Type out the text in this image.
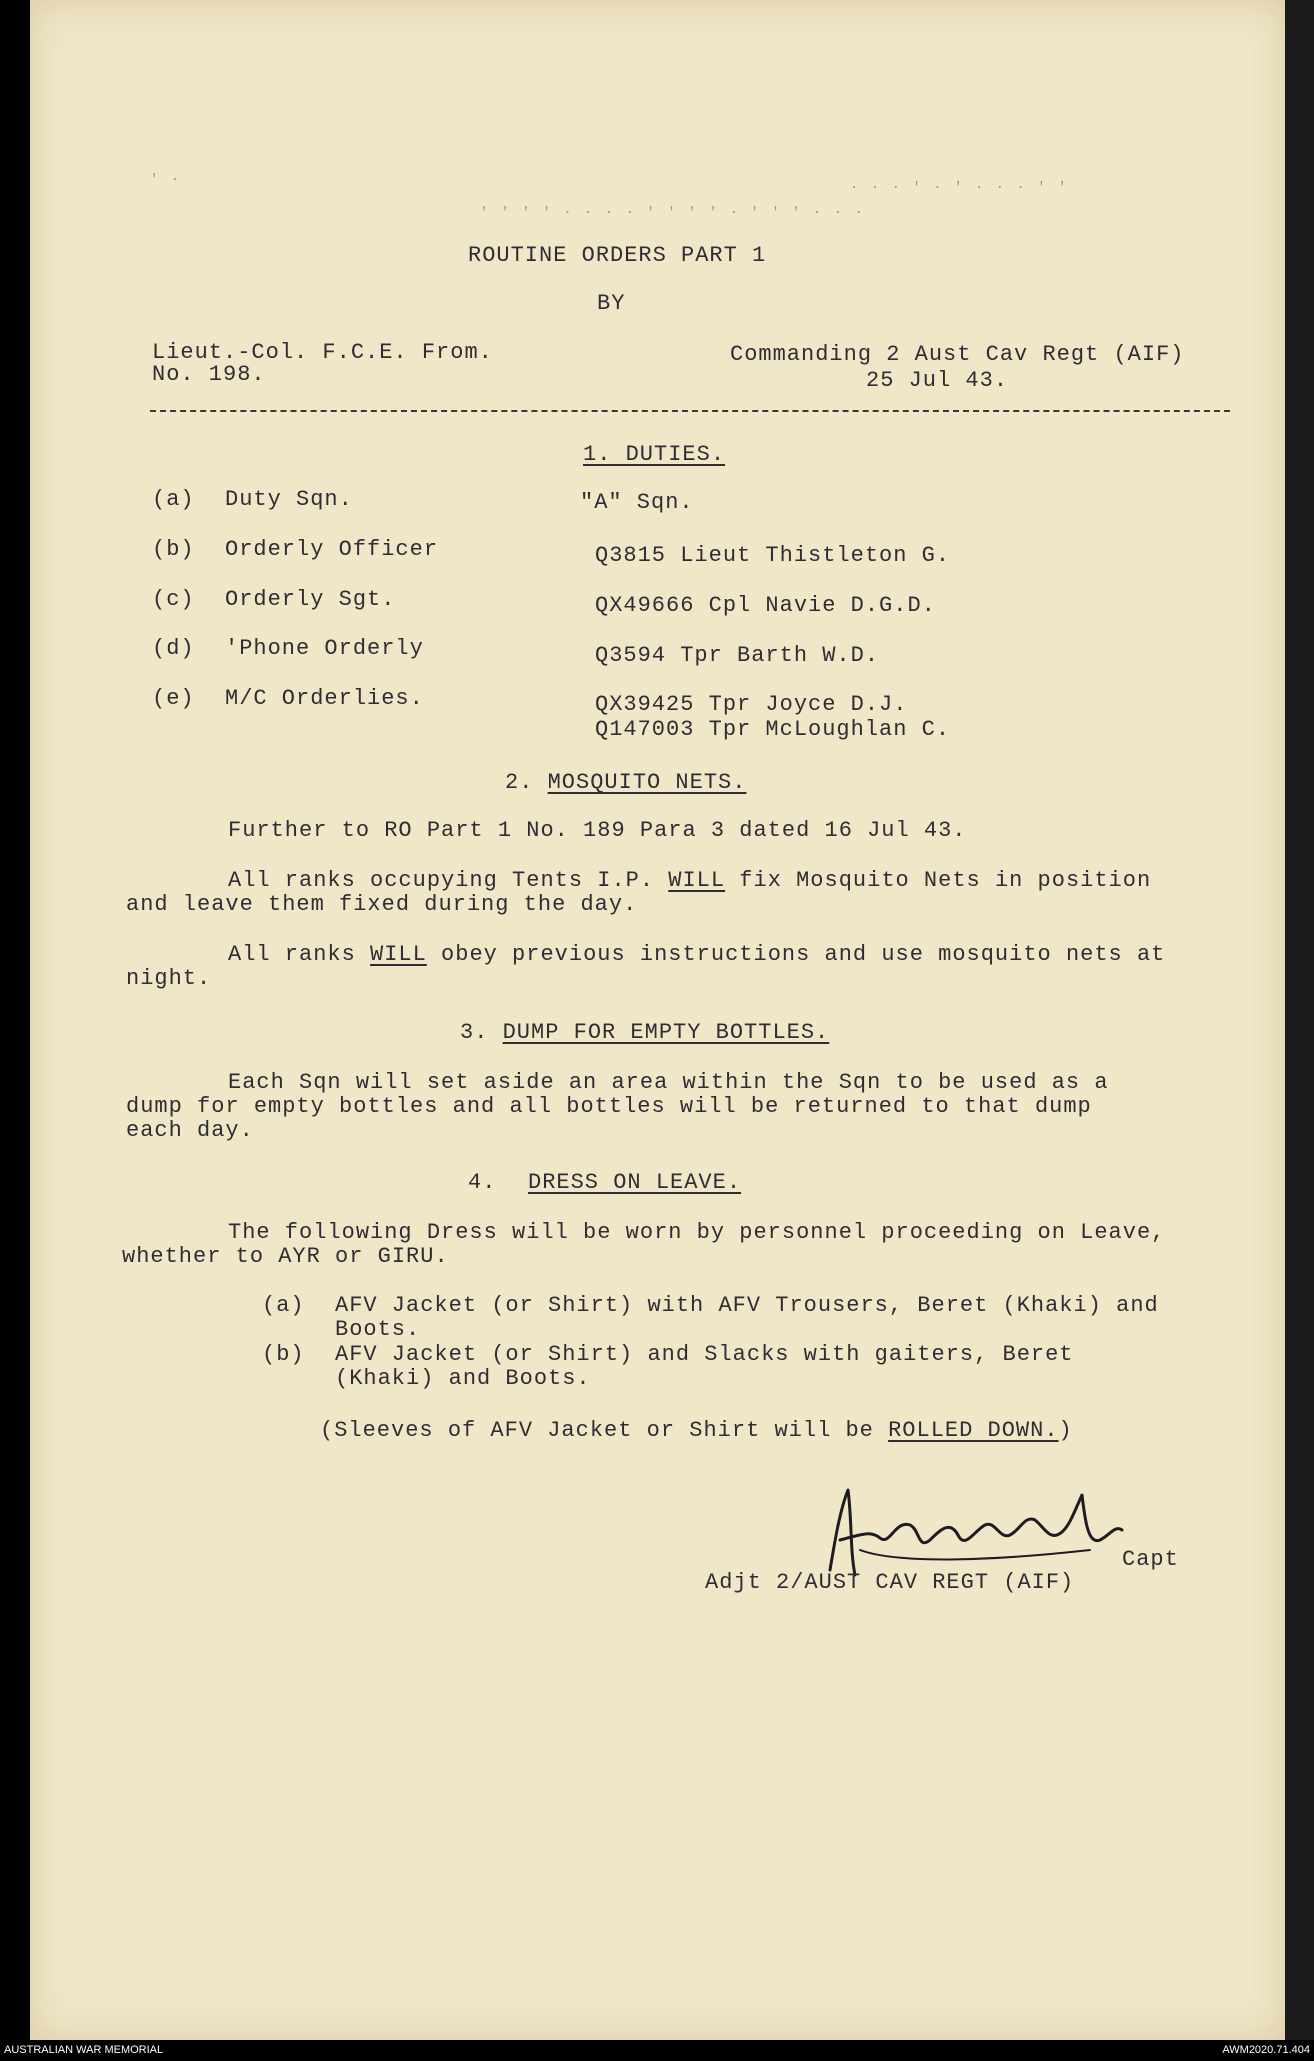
' ·
' ' ' ' · · · · ' ' ' ' · ' ' ' · · ·
· · · ' · ' · · · ' '
ROUTINE ORDERS PART 1
BY
Lieut.-Col. F.C.E. From.
No. 198.
Commanding 2 Aust Cav Regt (AIF)
25 Jul 43.
1. DUTIES.
(a) Duty Sqn.	"A" Sqn.
(b) Orderly Officer	Q3815 Lieut Thistleton G.
(c) Orderly Sgt.	QX49666 Cpl Navie D.G.D.
(d) 'Phone Orderly	Q3594 Tpr Barth W.D.
(e) M/C Orderlies.	QX39425 Tpr Joyce D.J.
Q147003 Tpr McLoughlan C.
2. MOSQUITO NETS.
Further to RO Part 1 No. 189 Para 3 dated 16 Jul 43.
All ranks occupying Tents I.P. WILL fix Mosquito Nets in position
and leave them fixed during the day.
All ranks WILL obey previous instructions and use mosquito nets at
night.
3. DUMP FOR EMPTY BOTTLES.
Each Sqn will set aside an area within the Sqn to be used as a
dump for empty bottles and all bottles will be returned to that dump
each day.
4. DRESS ON LEAVE.
The following Dress will be worn by personnel proceeding on Leave,
whether to AYR or GIRU.
(a) AFV Jacket (or Shirt) with AFV Trousers, Beret (Khaki) and
Boots.
(b) AFV Jacket (or Shirt) and Slacks with gaiters, Beret
(Khaki) and Boots.
(Sleeves of AFV Jacket or Shirt will be ROLLED DOWN.)
Capt
Adjt 2/AUST CAV REGT (AIF)
AUSTRALIAN WAR MEMORIAL	AWM2020.71.404
